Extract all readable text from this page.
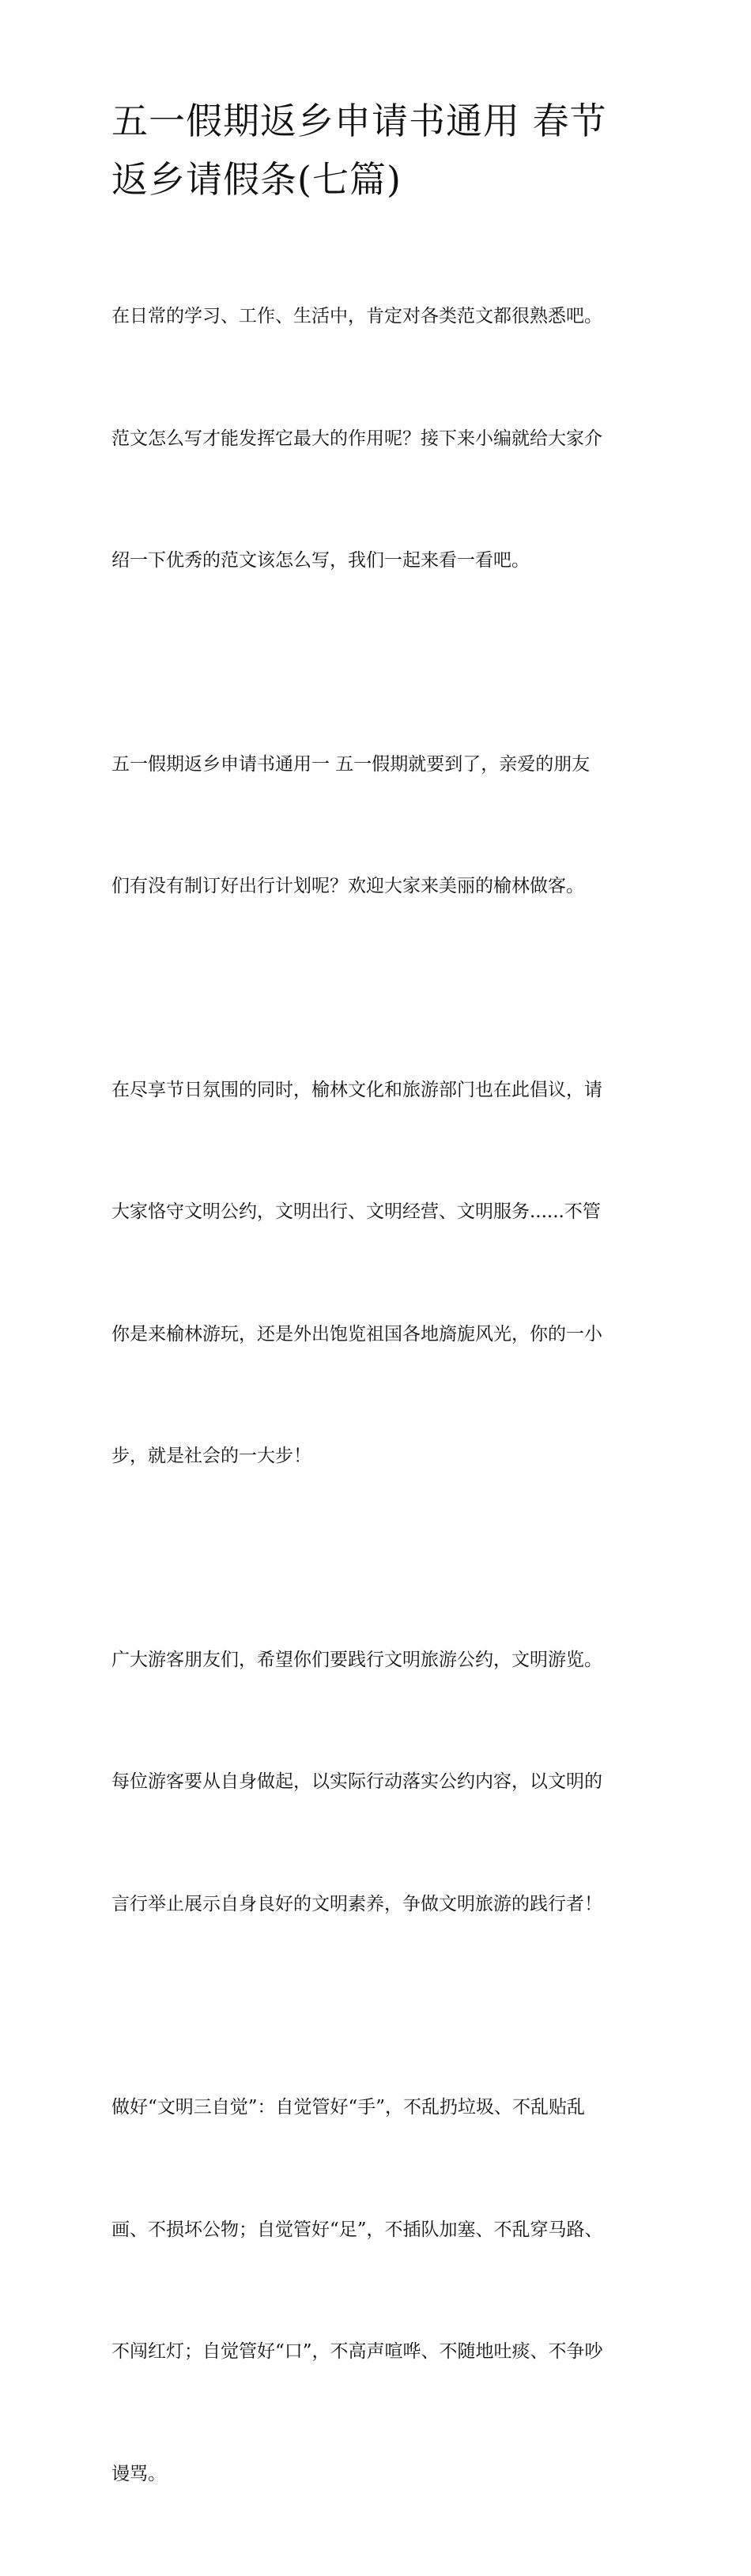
五一假期返乡申请书通用 春节
返乡请假条(七篇)

在日常的学习、工作、生活中，肯定对各类范文都很熟悉吧。

范文怎么写才能发挥它最大的作用呢？接下来小编就给大家介

绍一下优秀的范文该怎么写，我们一起来看一看吧。

五一假期返乡申请书通用一 五一假期就要到了，亲爱的朋友

们有没有制订好出行计划呢？欢迎大家来美丽的榆林做客。

在尽享节日氛围的同时，榆林文化和旅游部门也在此倡议，请

大家恪守文明公约，文明出行、文明经营、文明服务......不管

你是来榆林游玩，还是外出饱览祖国各地旖旎风光，你的一小

步，就是社会的一大步！

广大游客朋友们，希望你们要践行文明旅游公约，文明游览。

每位游客要从自身做起，以实际行动落实公约内容，以文明的

言行举止展示自身良好的文明素养，争做文明旅游的践行者！

做好“文明三自觉”：自觉管好“手”，不乱扔垃圾、不乱贴乱

画、不损坏公物；自觉管好“足”，不插队加塞、不乱穿马路、

不闯红灯；自觉管好“口”，不高声喧哗、不随地吐痰、不争吵

谩骂。
